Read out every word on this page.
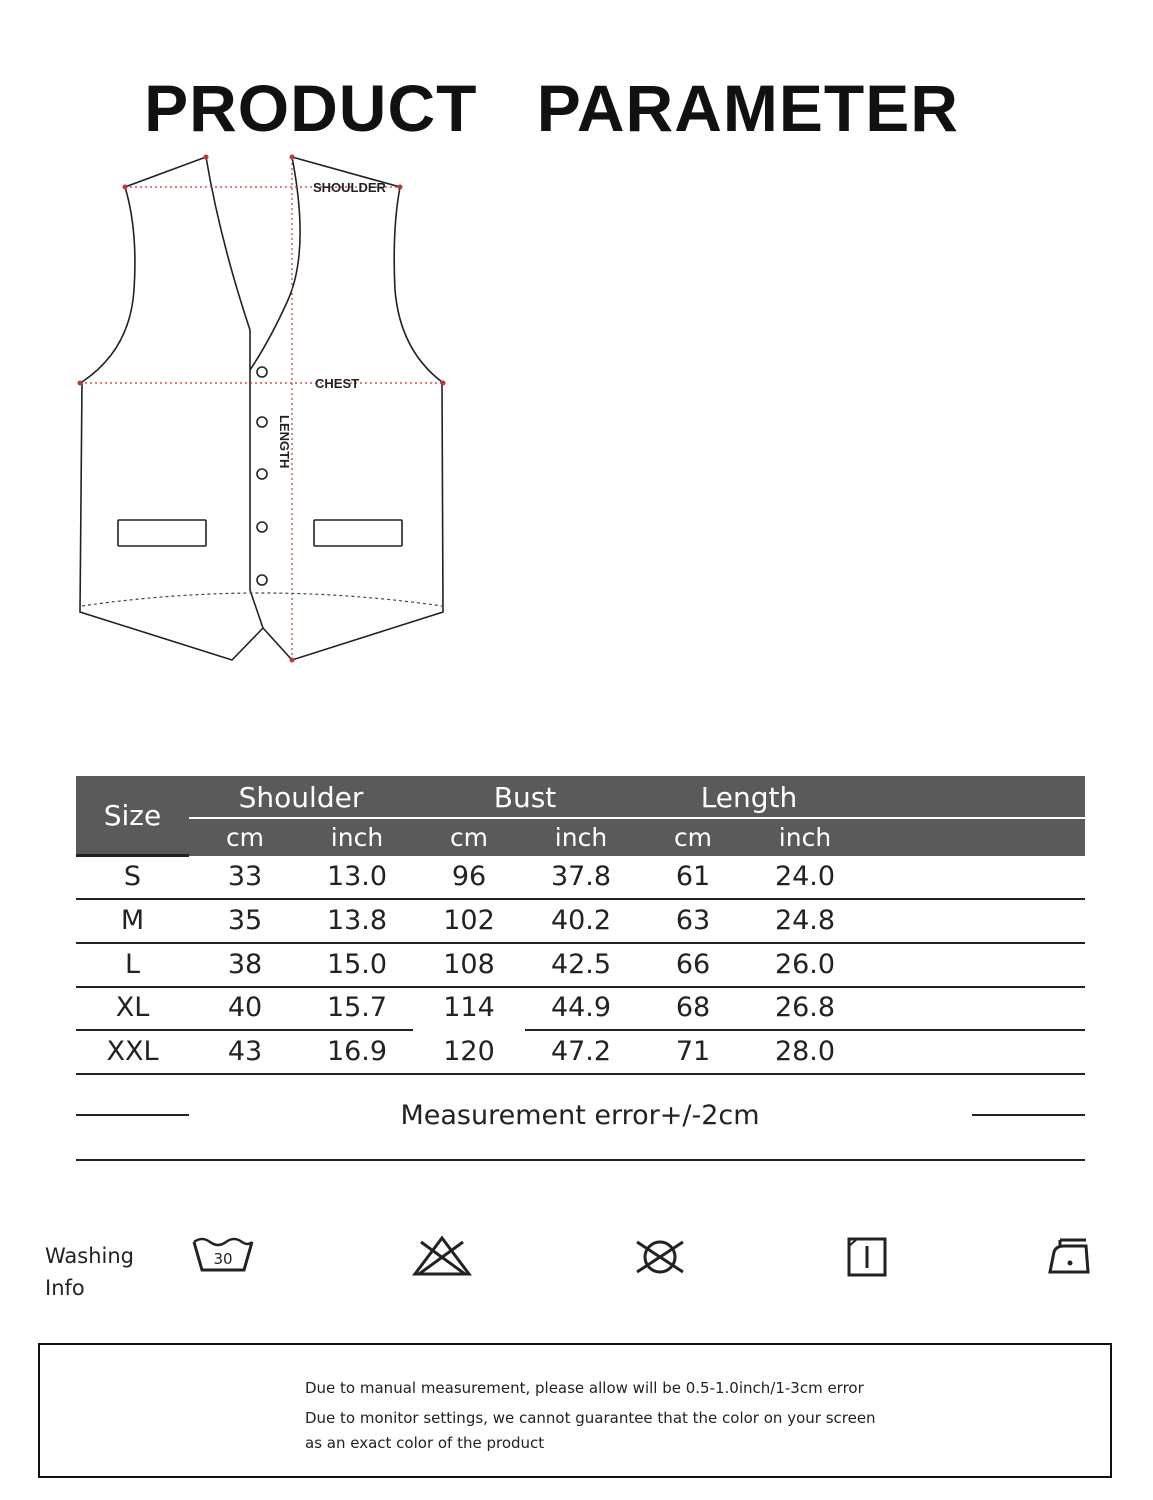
PRODUCT PARAMETER
SHOULDER
CHEST
LENGTH
Size
Shoulder	Bust	Length
cm	inch	cm	inch	cm	inch
S	33	13.0	96	37.8	61	24.0
M	35	13.8	102	40.2	63	24.8
L	38	15.0	108	42.5	66	26.0
XL	40	15.7	114	44.9	68	26.8
XXL	43	16.9	120	47.2	71	28.0
Measurement error+/-2cm
Washing
Info
30
Due to manual measurement, please allow will be 0.5-1.0inch/1-3cm error
Due to monitor settings, we cannot guarantee that the color on your screen
as an exact color of the product
